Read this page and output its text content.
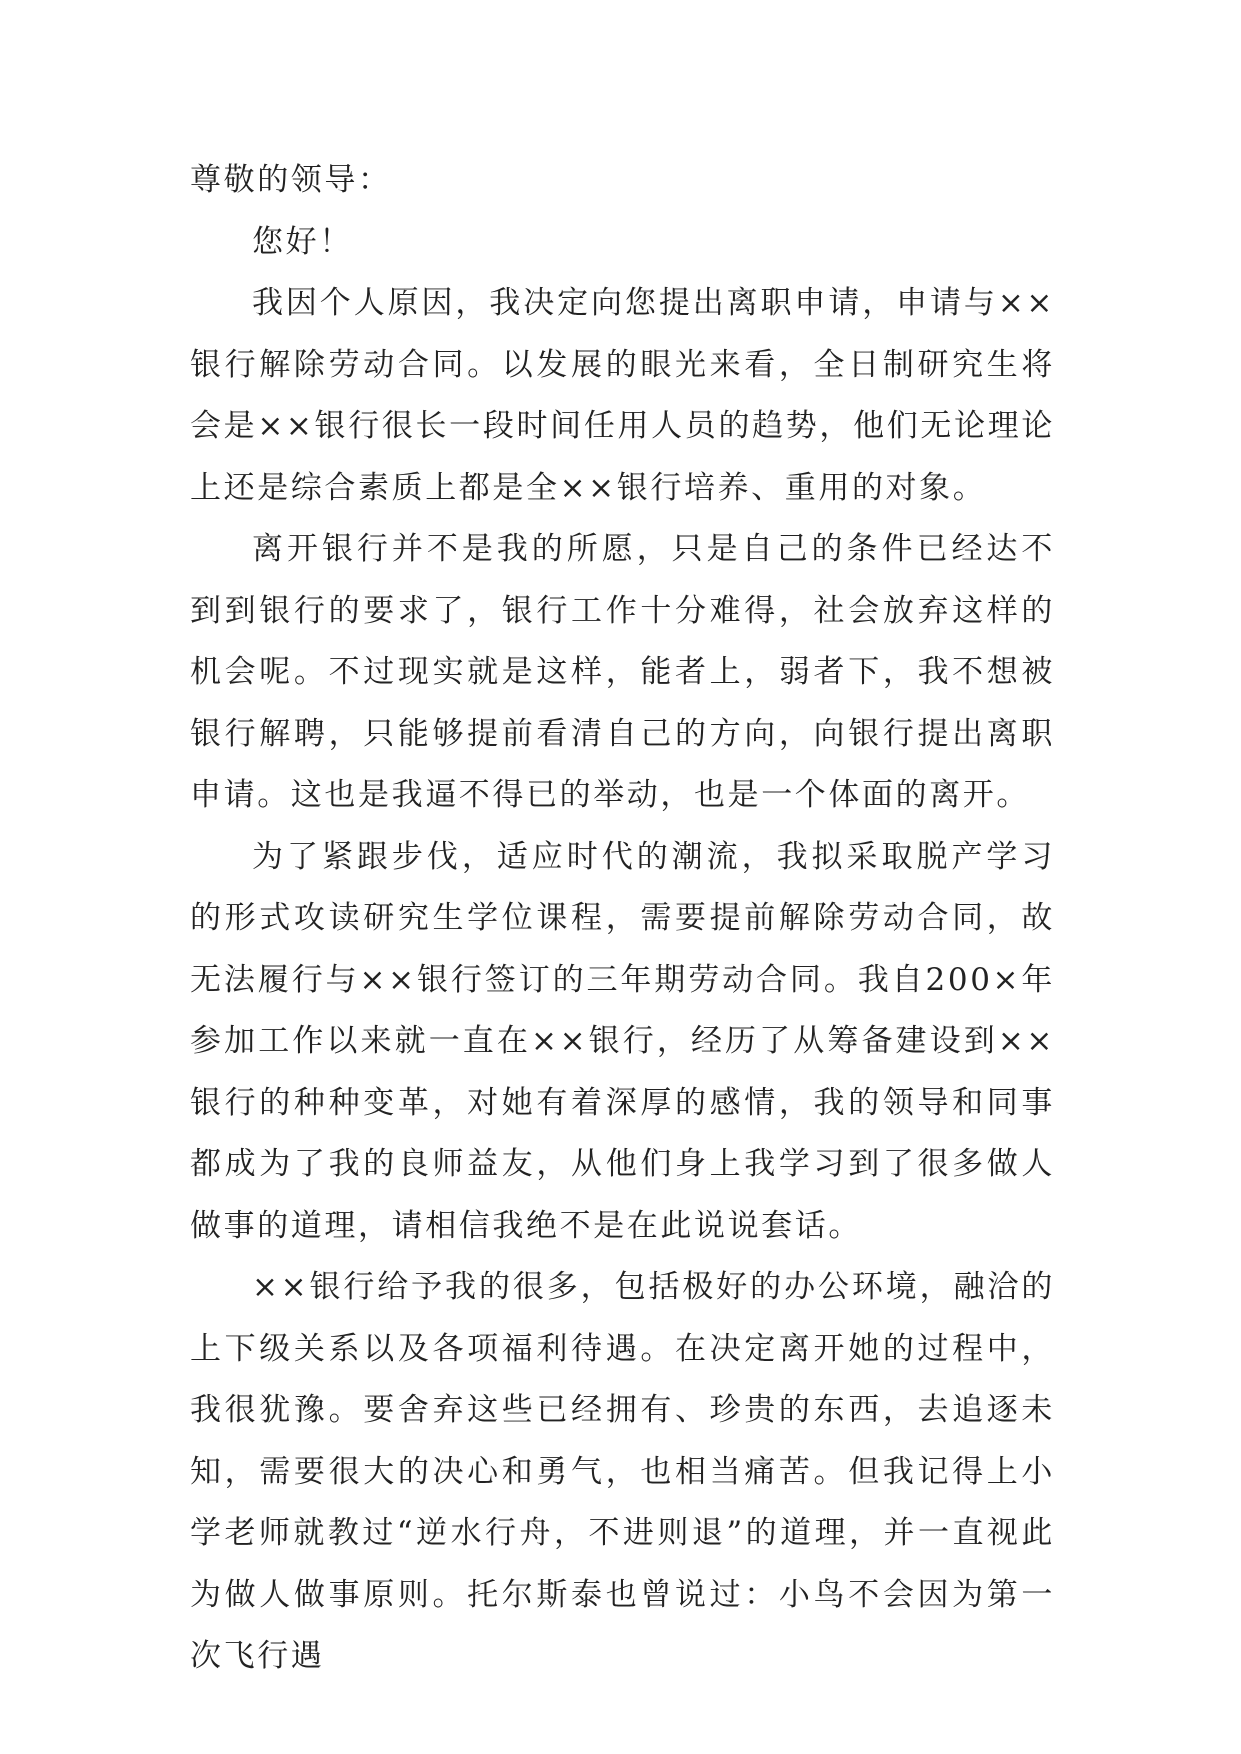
尊敬的领导：

您好！

我因个人原因，我决定向您提出离职申请，申请与××银行解除劳动合同。以发展的眼光来看，全日制研究生将会是××银行很长一段时间任用人员的趋势，他们无论理论上还是综合素质上都是全××银行培养、重用的对象。

离开银行并不是我的所愿，只是自己的条件已经达不到到银行的要求了，银行工作十分难得，社会放弃这样的机会呢。不过现实就是这样，能者上，弱者下，我不想被银行解聘，只能够提前看清自己的方向，向银行提出离职申请。这也是我逼不得已的举动，也是一个体面的离开。

为了紧跟步伐，适应时代的潮流，我拟采取脱产学习的形式攻读研究生学位课程，需要提前解除劳动合同，故无法履行与××银行签订的三年期劳动合同。我自200×年参加工作以来就一直在××银行，经历了从筹备建设到××银行的种种变革，对她有着深厚的感情，我的领导和同事都成为了我的良师益友，从他们身上我学习到了很多做人做事的道理，请相信我绝不是在此说说套话。

××银行给予我的很多，包括极好的办公环境，融洽的上下级关系以及各项福利待遇。在决定离开她的过程中，我很犹豫。要舍弃这些已经拥有、珍贵的东西，去追逐未知，需要很大的决心和勇气，也相当痛苦。但我记得上小学老师就教过“逆水行舟，不进则退”的道理，并一直视此为做人做事原则。托尔斯泰也曾说过：小鸟不会因为第一次飞行遇
